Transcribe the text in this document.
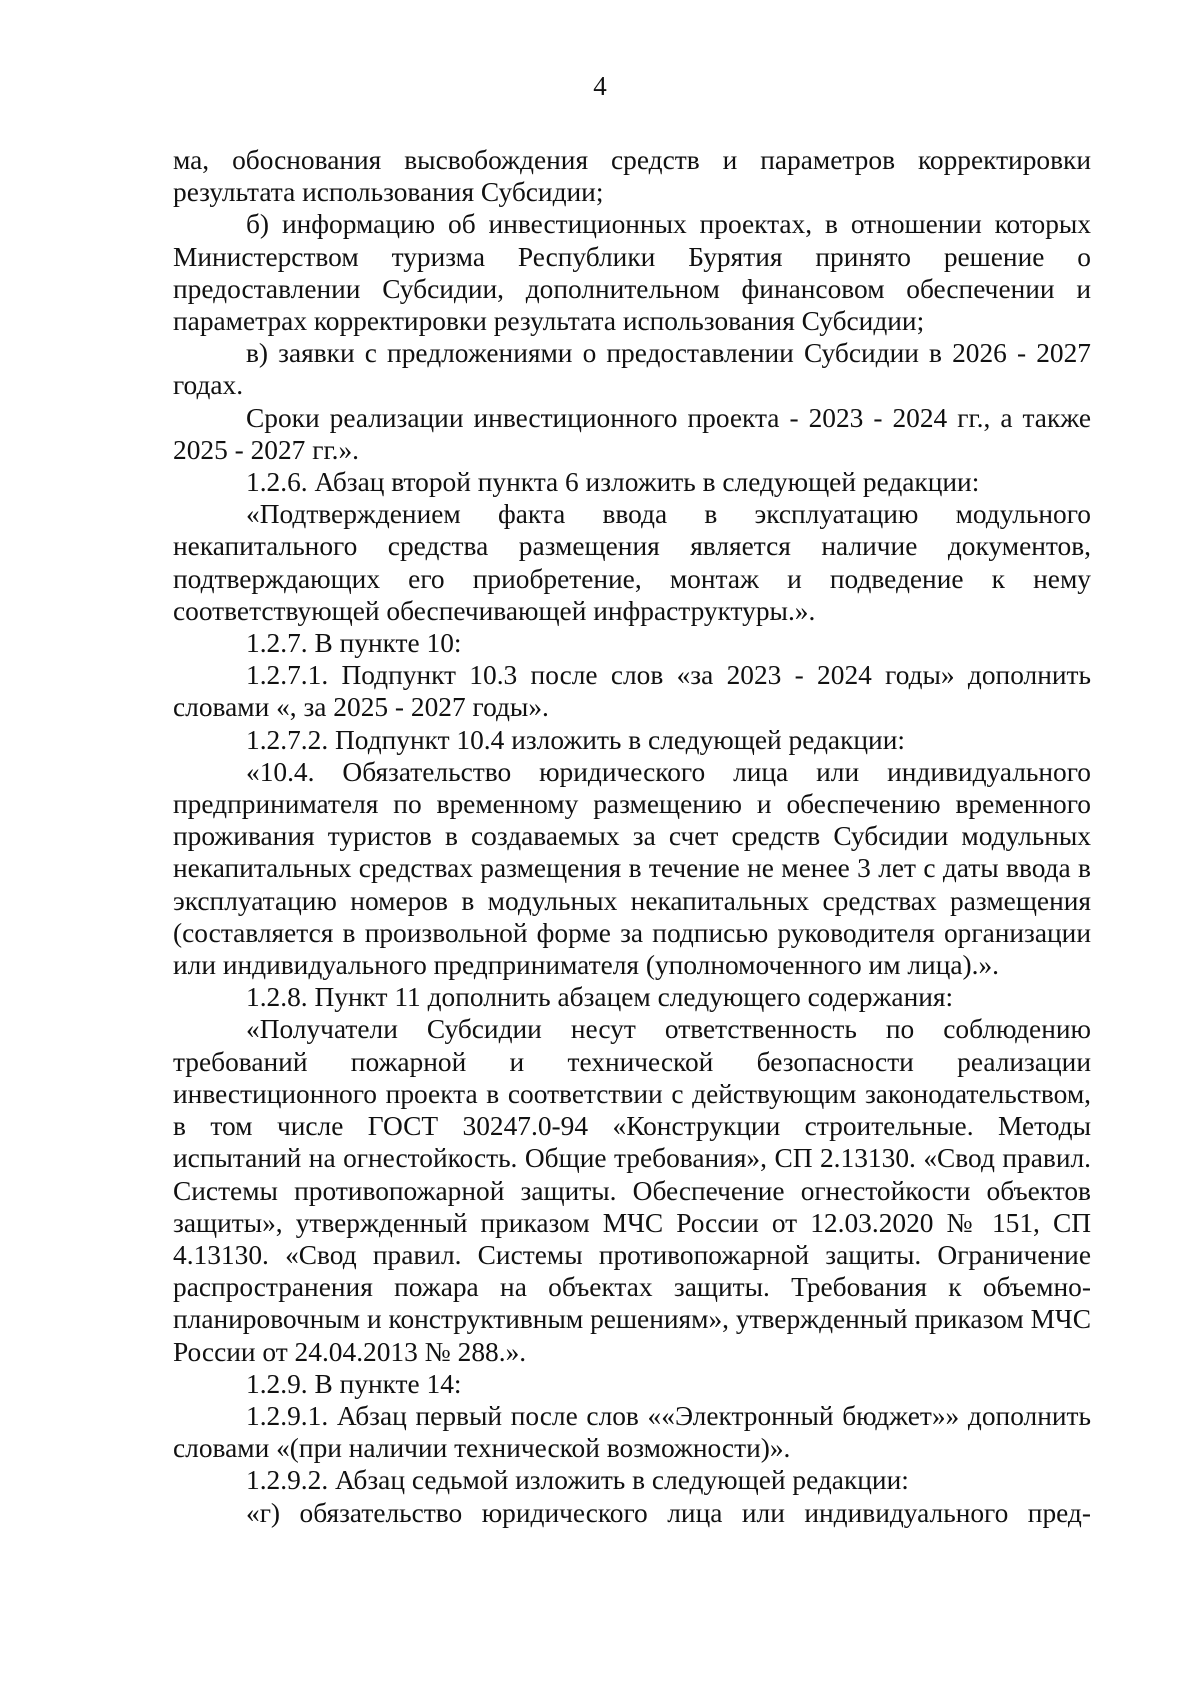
4

ма, обоснования высвобождения средств и параметров корректировки результата использования Субсидии;

б) информацию об инвестиционных проектах, в отношении которых Министерством туризма Республики Бурятия принято решение о предоставлении Субсидии, дополнительном финансовом обеспечении и параметрах корректировки результата использования Субсидии;

в) заявки с предложениями о предоставлении Субсидии в 2026 - 2027 годах.

Сроки реализации инвестиционного проекта - 2023 - 2024 гг., а также 2025 - 2027 гг.».

1.2.6. Абзац второй пункта 6 изложить в следующей редакции:

«Подтверждением факта ввода в эксплуатацию модульного некапитального средства размещения является наличие документов, подтверждающих его приобретение, монтаж и подведение к нему соответствующей обеспечивающей инфраструктуры.».

1.2.7. В пункте 10:

1.2.7.1. Подпункт 10.3 после слов «за 2023 - 2024 годы» дополнить словами «, за 2025 - 2027 годы».

1.2.7.2. Подпункт 10.4 изложить в следующей редакции:

«10.4. Обязательство юридического лица или индивидуального предпринимателя по временному размещению и обеспечению временного проживания туристов в создаваемых за счет средств Субсидии модульных некапитальных средствах размещения в течение не менее 3 лет с даты ввода в эксплуатацию номеров в модульных некапитальных средствах размещения (составляется в произвольной форме за подписью руководителя организации или индивидуального предпринимателя (уполномоченного им лица).».

1.2.8. Пункт 11 дополнить абзацем следующего содержания:

«Получатели Субсидии несут ответственность по соблюдению требований пожарной и технической безопасности реализации инвестиционного проекта в соответствии с действующим законодательством, в том числе ГОСТ 30247.0-94 «Конструкции строительные. Методы испытаний на огнестойкость. Общие требования», СП 2.13130. «Свод правил. Системы противопожарной защиты. Обеспечение огнестойкости объектов защиты», утвержденный приказом МЧС России от 12.03.2020 № 151, СП 4.13130. «Свод правил. Системы противопожарной защиты. Ограничение распространения пожара на объектах защиты. Требования к объемно-планировочным и конструктивным решениям», утвержденный приказом МЧС России от 24.04.2013 № 288.».

1.2.9. В пункте 14:

1.2.9.1. Абзац первый после слов ««Электронный бюджет»» дополнить словами «(при наличии технической возможности)».

1.2.9.2. Абзац седьмой изложить в следующей редакции:

«г) обязательство юридического лица или индивидуального пред-
